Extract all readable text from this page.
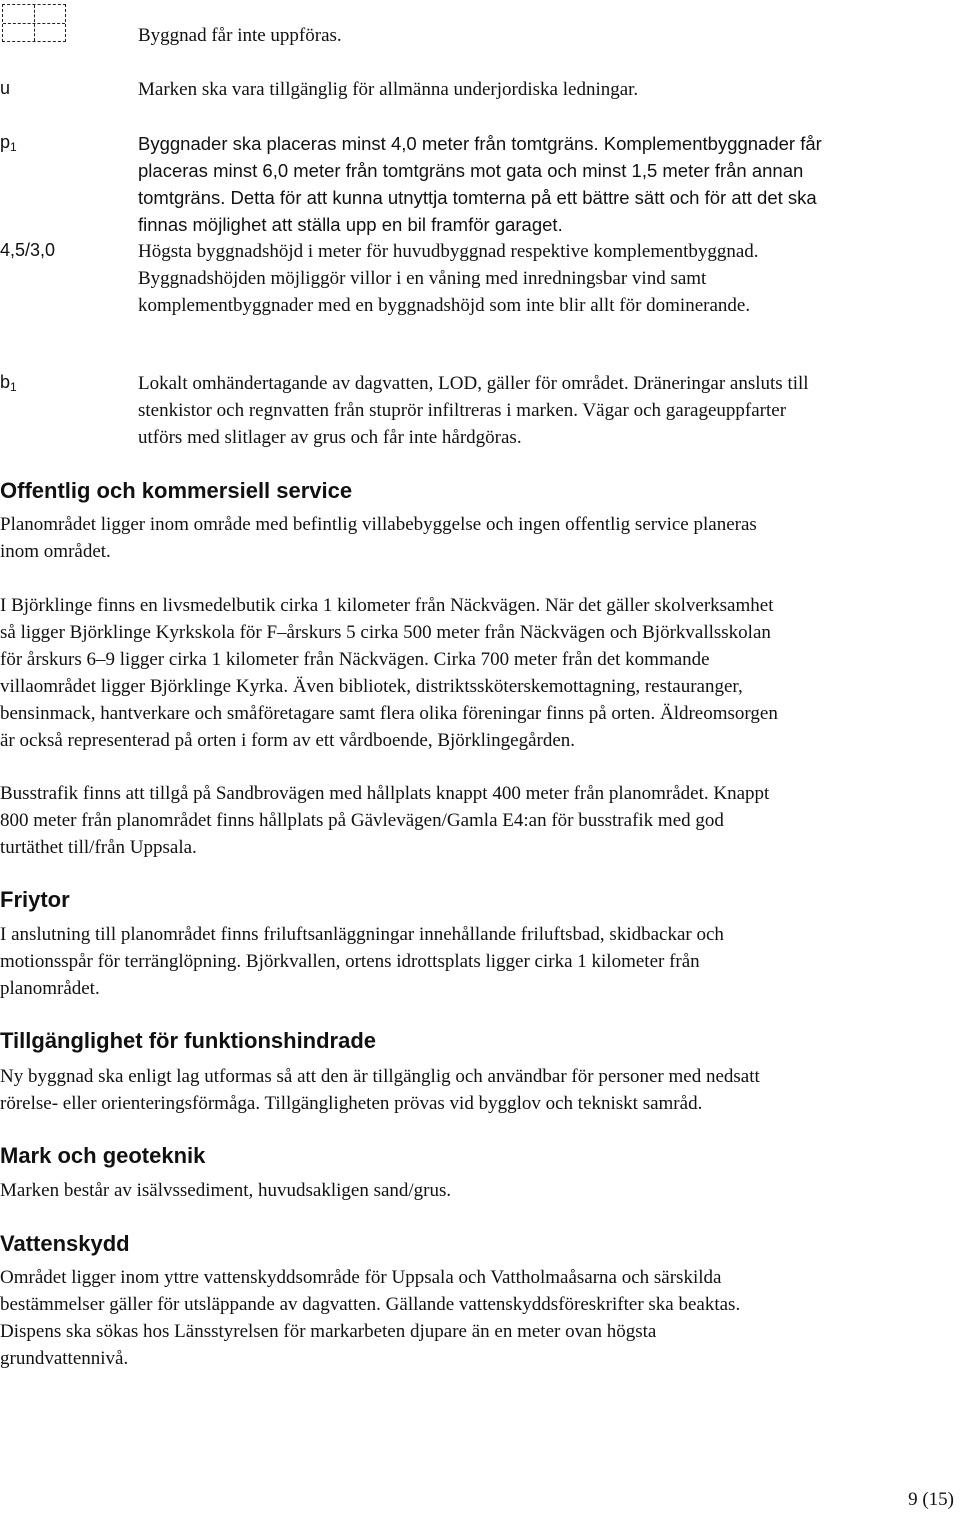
Byggnad får inte uppföras.

u	Marken ska vara tillgänglig för allmänna underjordiska ledningar.

$p_1$	Byggnader ska placeras minst 4,0 meter från tomtgräns. Komplementbyggnader får
placeras minst 6,0 meter från tomtgräns mot gata och minst 1,5 meter från annan
tomtgräns. Detta för att kunna utnyttja tomterna på ett bättre sätt och för att det ska
finnas möjlighet att ställa upp en bil framför garaget.

4,5/3,0	Högsta byggnadshöjd i meter för huvudbyggnad respektive komplementbyggnad.
Byggnadshöjden möjliggör villor i en våning med inredningsbar vind samt
komplementbyggnader med en byggnadshöjd som inte blir allt för dominerande.

$b_1$	Lokalt omhändertagande av dagvatten, LOD, gäller för området. Dräneringar ansluts till
stenkistor och regnvatten från stuprör infiltreras i marken. Vägar och garageuppfarter
utförs med slitlager av grus och får inte hårdgöras.

Offentlig och kommersiell service

Planområdet ligger inom område med befintlig villabebyggelse och ingen offentlig service planeras
inom området.

I Björklinge finns en livsmedelbutik cirka 1 kilometer från Näckvägen. När det gäller skolverksamhet
så ligger Björklinge Kyrkskola för F–årskurs 5 cirka 500 meter från Näckvägen och Björkvallsskolan
för årskurs 6–9 ligger cirka 1 kilometer från Näckvägen. Cirka 700 meter från det kommande
villaområdet ligger Björklinge Kyrka. Även bibliotek, distriktssköterskemottagning, restauranger,
bensinmack, hantverkare och småföretagare samt flera olika föreningar finns på orten. Äldreomsorgen
är också representerad på orten i form av ett vårdboende, Björklingegården.

Busstrafik finns att tillgå på Sandbrovägen med hållplats knappt 400 meter från planområdet. Knappt
800 meter från planområdet finns hållplats på Gävlevägen/Gamla E4:an för busstrafik med god
turtäthet till/från Uppsala.

Friytor

I anslutning till planområdet finns friluftsanläggningar innehållande friluftsbad, skidbackar och
motionsspår för terränglöpning. Björkvallen, ortens idrottsplats ligger cirka 1 kilometer från
planområdet.

Tillgänglighet för funktionshindrade

Ny byggnad ska enligt lag utformas så att den är tillgänglig och användbar för personer med nedsatt
rörelse- eller orienteringsförmåga. Tillgängligheten prövas vid bygglov och tekniskt samråd.

Mark och geoteknik

Marken består av isälvssediment, huvudsakligen sand/grus.

Vattenskydd

Området ligger inom yttre vattenskyddsområde för Uppsala och Vattholmaåsarna och särskilda
bestämmelser gäller för utsläppande av dagvatten. Gällande vattenskyddsföreskrifter ska beaktas.
Dispens ska sökas hos Länsstyrelsen för markarbeten djupare än en meter ovan högsta
grundvattennivå.

9 (15)
